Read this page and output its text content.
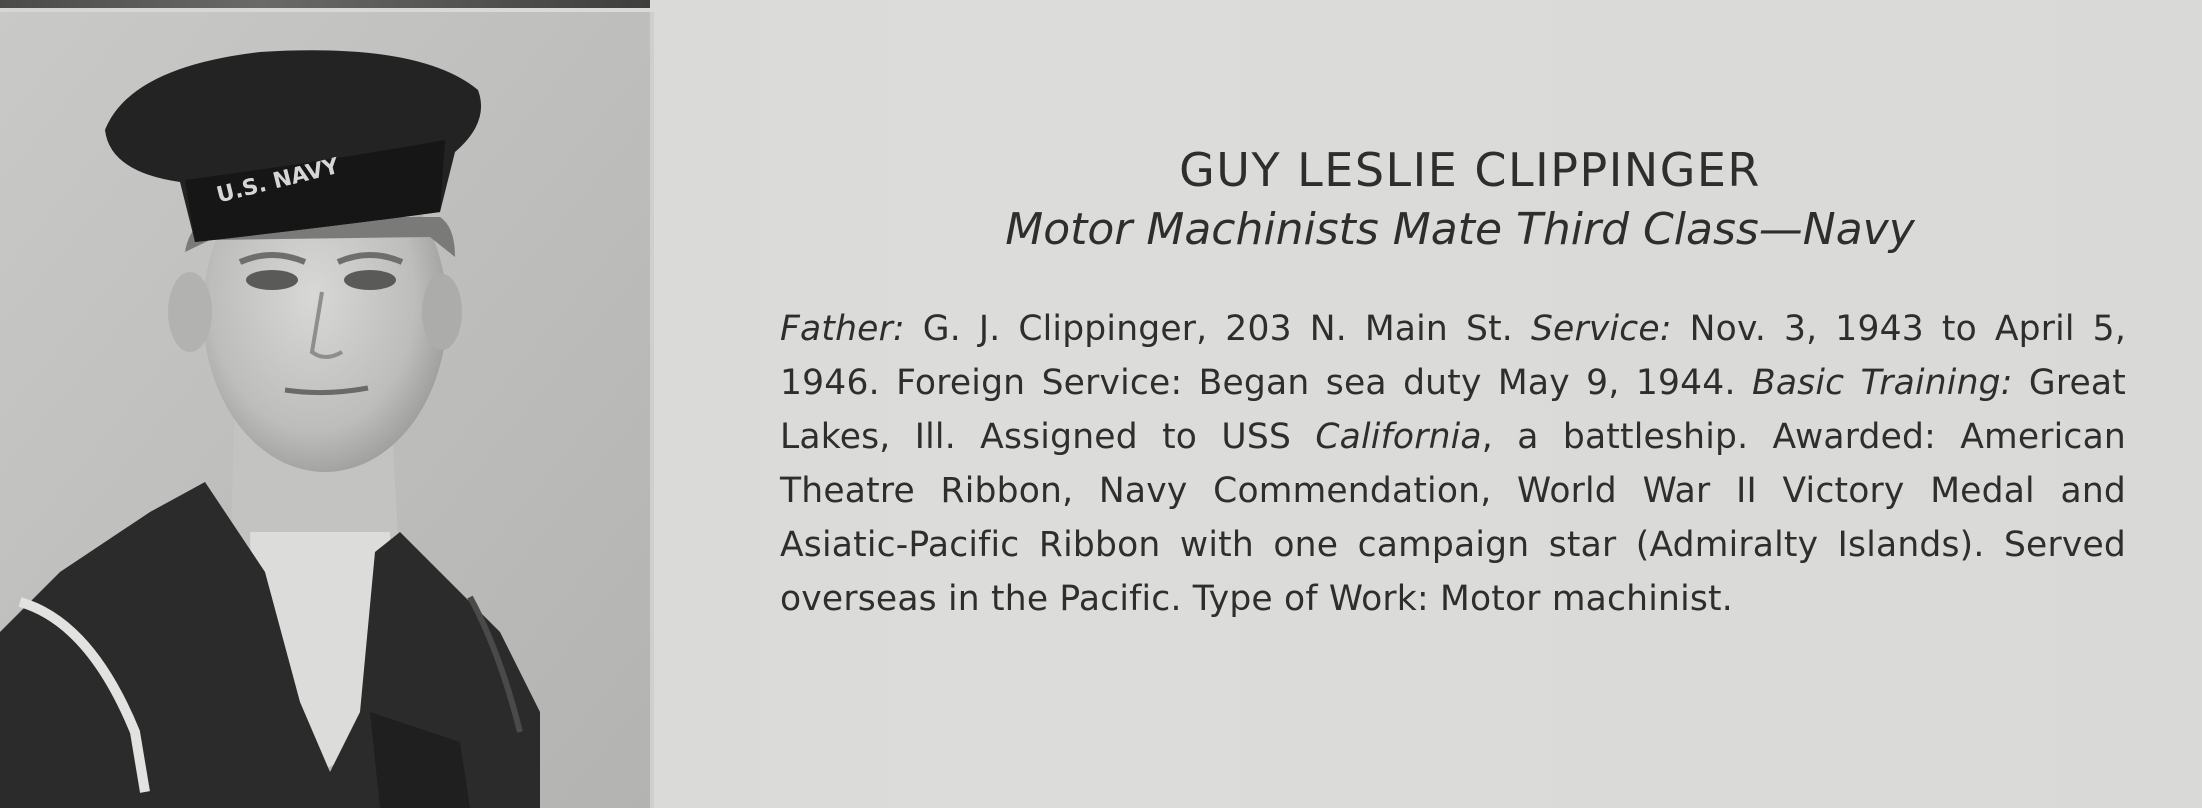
U.S. NAVY	GUY LESLIE CLIPPINGER

Motor Machinists Mate Third Class—Navy

Father: G. J. Clippinger, 203 N. Main St. Service: Nov. 3, 1943 to April 5, 1946. Foreign Service: Began sea duty May 9, 1944. Basic Training: Great Lakes, Ill. Assigned to USS California, a battleship. Awarded: American Theatre Ribbon, Navy Commendation, World War II Victory Medal and Asiatic-Pacific Ribbon with one campaign star (Admiralty Islands). Served overseas in the Pacific. Type of Work: Motor machinist.
